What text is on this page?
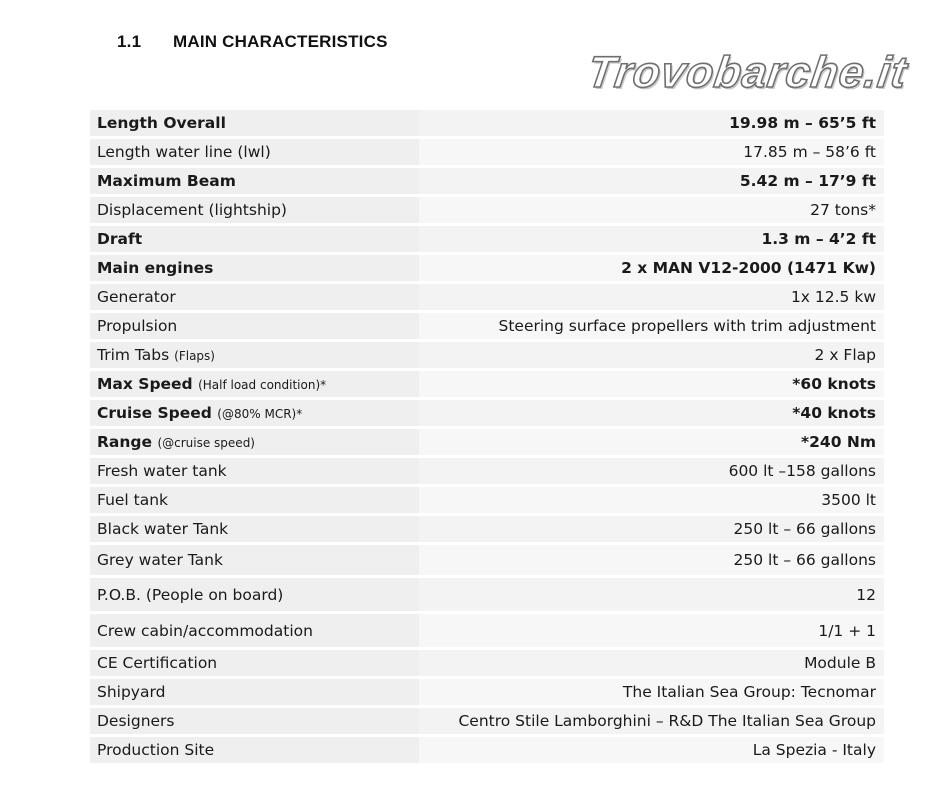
1.1 MAIN CHARACTERISTICS
Trovobarche.it
Length Overall	19.98 m – 65’5 ft
Length water line (lwl)	17.85 m – 58’6 ft
Maximum Beam	5.42 m – 17’9 ft
Displacement (lightship)	27 tons*
Draft	1.3 m – 4’2 ft
Main engines	2 x MAN V12-2000 (1471 Kw)
Generator	1x 12.5 kw
Propulsion	Steering surface propellers with trim adjustment
Trim Tabs (Flaps)	2 x Flap
Max Speed (Half load condition)*	*60 knots
Cruise Speed (@80% MCR)*	*40 knots
Range (@cruise speed)	*240 Nm
Fresh water tank	600 lt –158 gallons
Fuel tank	3500 lt
Black water Tank	250 lt – 66 gallons
Grey water Tank	250 lt – 66 gallons
P.O.B. (People on board)	12
Crew cabin/accommodation	1/1 + 1
CE Certification	Module B
Shipyard	The Italian Sea Group: Tecnomar
Designers	Centro Stile Lamborghini – R&D The Italian Sea Group
Production Site	La Spezia - Italy
